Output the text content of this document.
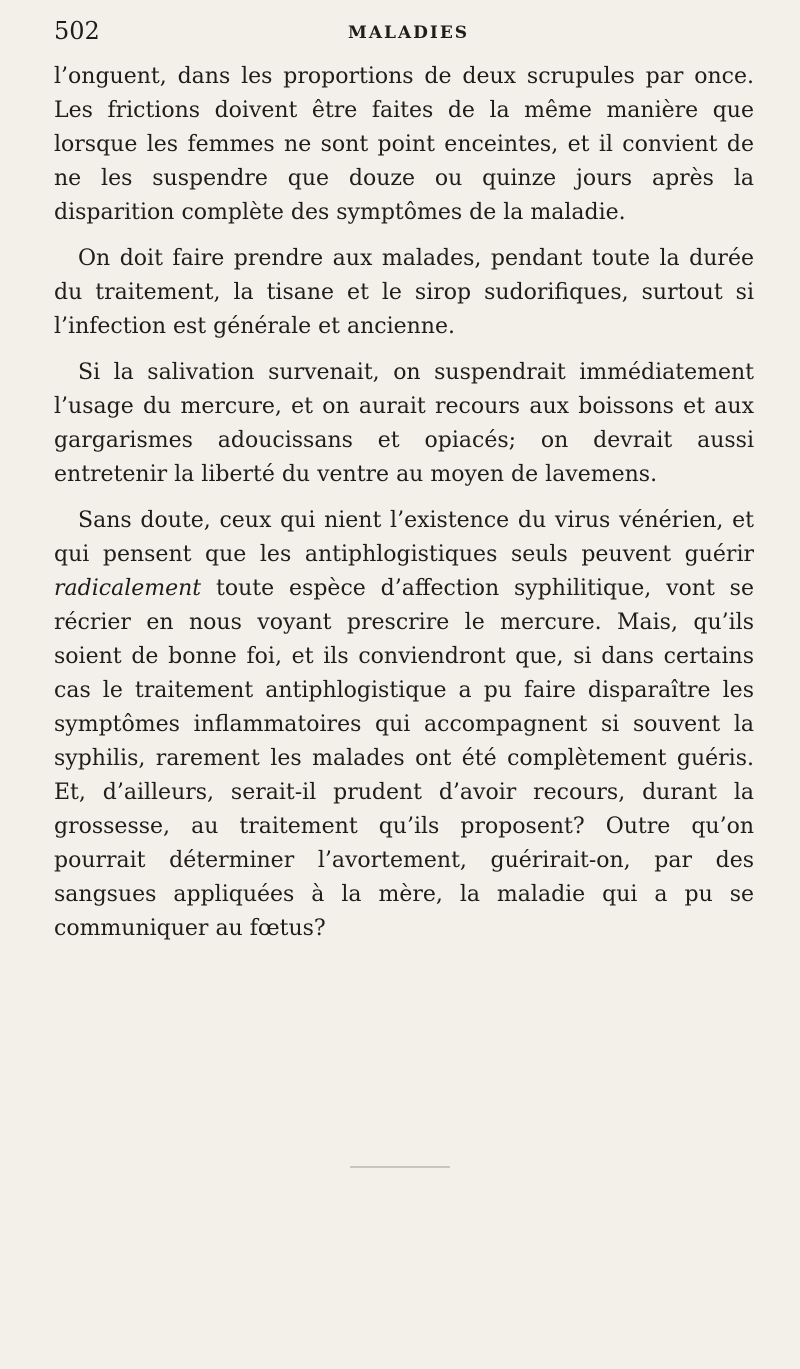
502	MALADIES

l’onguent, dans les proportions de deux scrupules par once. Les frictions doivent être faites de la même manière que lorsque les femmes ne sont point enceintes, et il convient de ne les suspendre que douze ou quinze jours après la disparition complète des symptômes de la maladie.

On doit faire prendre aux malades, pendant toute la durée du traitement, la tisane et le sirop sudorifiques, surtout si l’infection est générale et ancienne.

Si la salivation survenait, on suspendrait immédiatement l’usage du mercure, et on aurait recours aux boissons et aux gargarismes adoucissans et opiacés; on devrait aussi entretenir la liberté du ventre au moyen de lavemens.

Sans doute, ceux qui nient l’existence du virus vénérien, et qui pensent que les antiphlogistiques seuls peuvent guérir radicalement toute espèce d’affection syphilitique, vont se récrier en nous voyant prescrire le mercure. Mais, qu’ils soient de bonne foi, et ils conviendront que, si dans certains cas le traitement antiphlogistique a pu faire disparaître les symptômes inflammatoires qui accompagnent si souvent la syphilis, rarement les malades ont été complètement guéris. Et, d’ailleurs, serait-il prudent d’avoir recours, durant la grossesse, au traitement qu’ils proposent? Outre qu’on pourrait déterminer l’avortement, guérirait-on, par des sangsues appliquées à la mère, la maladie qui a pu se communiquer au fœtus?
